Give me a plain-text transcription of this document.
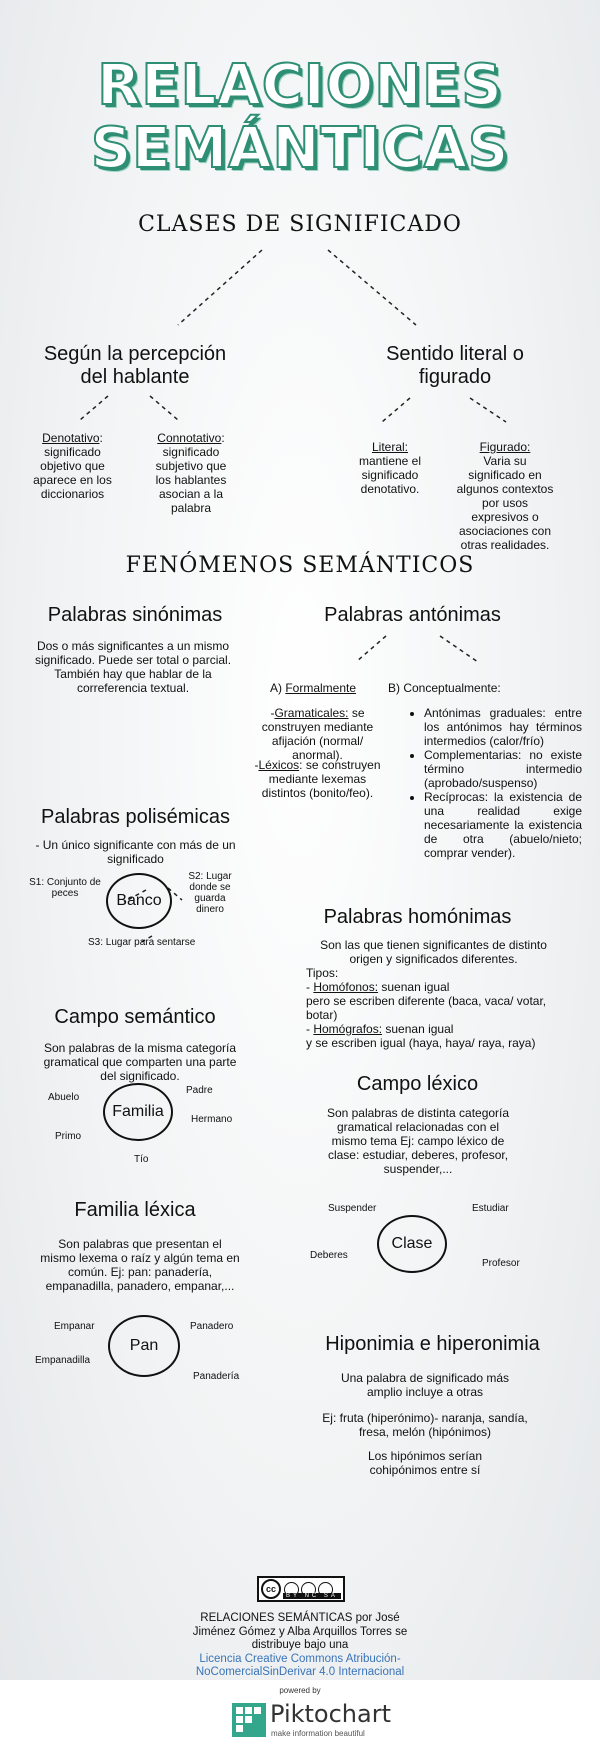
RELACIONES
SEMÁNTICAS
CLASES DE SIGNIFICADO
Según la percepción del hablante
Sentido literal o figurado
Denotativo: significado objetivo que aparece en los diccionarios
Connotativo: significado subjetivo que los hablantes asocian a la palabra
Literal:
mantiene el significado denotativo.
Figurado:
Varia su significado en algunos contextos por usos expresivos o asociaciones con otras realidades.
FENÓMENOS SEMÁNTICOS
Palabras sinónimas
Dos o más significantes a un mismo significado. Puede ser total o parcial. También hay que hablar de la correferencia textual.
Palabras antónimas
A) Formalmente	B) Conceptualmente:
-Gramaticales: se construyen mediante afijación (normal/ anormal).
-Léxicos: se construyen mediante lexemas distintos (bonito/feo).
• Antónimas graduales: entre los antónimos hay términos intermedios (calor/frío)
• Complementarias: no existe término intermedio (aprobado/suspenso)
• Recíprocas: la existencia de una realidad exige necesariamente la existencia de otra (abuelo/nieto; comprar vender).
Palabras polisémicas
- Un único significante con más de un significado
Banco
S1: Conjunto de peces
S2: Lugar donde se guarda dinero
S3: Lugar para sentarse
Palabras homónimas
Son las que tienen significantes de distinto origen y significados diferentes.
Tipos:
- Homófonos: suenan igual
pero se escriben diferente (baca, vaca/ votar, botar)
- Homógrafos: suenan igual
y se escriben igual (haya, haya/ raya, raya)
Campo semántico
Son palabras de la misma categoría gramatical que comparten una parte del significado.
Familia
Abuelo
Padre
Hermano
Primo
Tío
Campo léxico
Son palabras de distinta categoría gramatical relacionadas con el mismo tema Ej: campo léxico de clase: estudiar, deberes, profesor, suspender,...
Clase
Suspender	Estudiar
Deberes
Profesor
Familia léxica
Son palabras que presentan el mismo lexema o raíz y algún tema en común. Ej: pan: panadería, empanadilla, panadero, empanar,...
Pan
Empanar	Panadero
Empanadilla
Panadería
Hiponimia e hiperonimia
Una palabra de significado más amplio incluye a otras
Ej: fruta (hiperónimo)- naranja, sandía, fresa, melón (hipónimos)
Los hipónimos serían cohipónimos entre sí
cc
BY NC SA
RELACIONES SEMÁNTICAS por José Jiménez Gómez y Alba Arquillos Torres se distribuye bajo una
Licencia Creative Commons Atribución-NoComercialSinDerivar 4.0 Internacional
powered by
Piktochart
make information beautiful
